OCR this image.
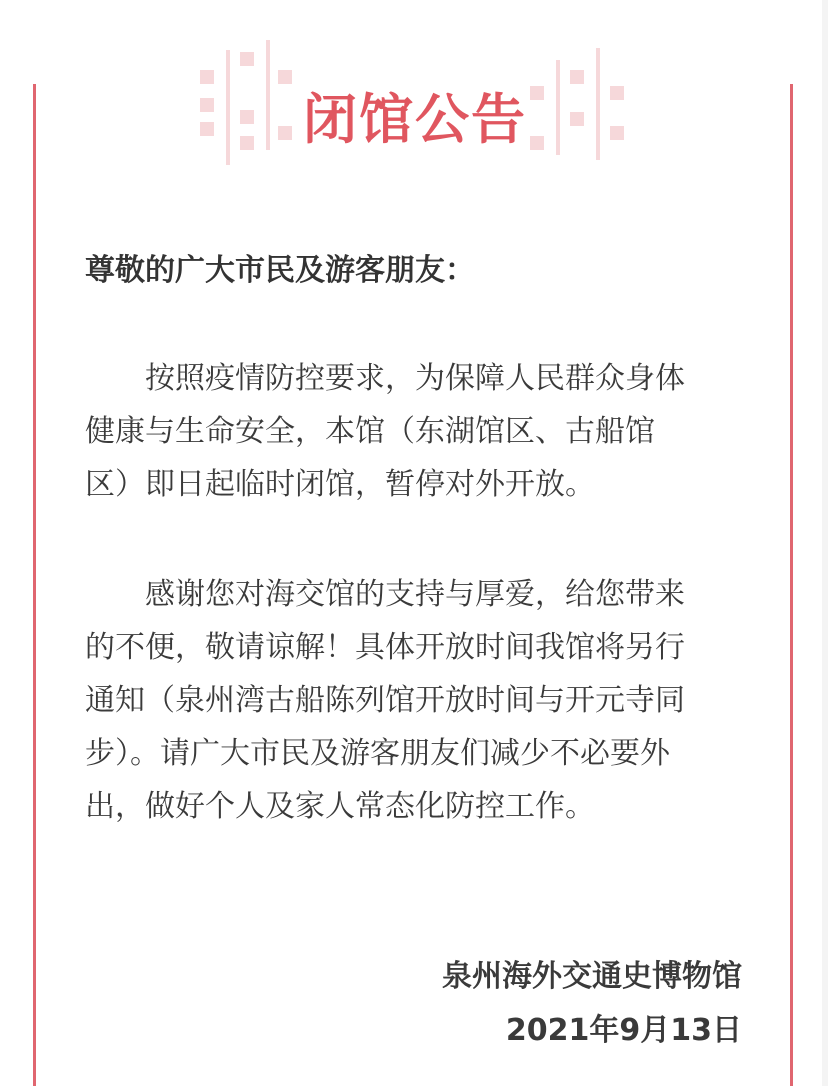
闭馆公告

尊敬的广大市民及游客朋友：

按照疫情防控要求，为保障人民群众身体
健康与生命安全，本馆（东湖馆区、古船馆
区）即日起临时闭馆，暂停对外开放。

感谢您对海交馆的支持与厚爱，给您带来
的不便，敬请谅解！具体开放时间我馆将另行
通知（泉州湾古船陈列馆开放时间与开元寺同
步）。请广大市民及游客朋友们减少不必要外
出，做好个人及家人常态化防控工作。

泉州海外交通史博物馆
2021年9月13日
